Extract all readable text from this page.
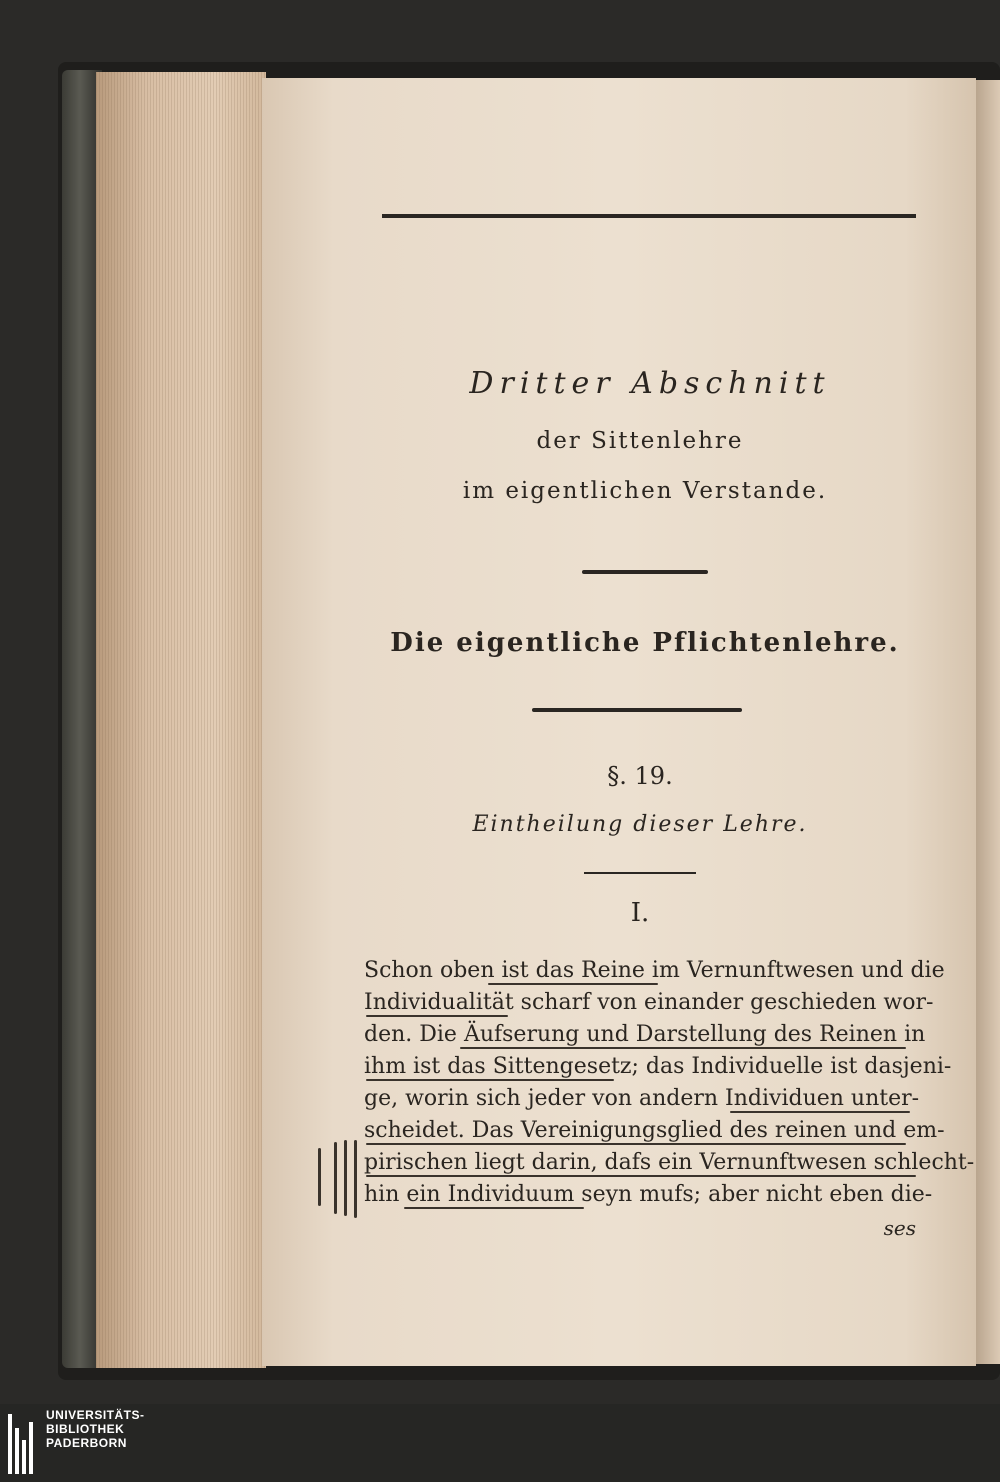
Dritter Abschnitt
der Sittenlehre
im eigentlichen Verstande.
Die eigentliche Pflichtenlehre.
§. 19.
Eintheilung dieser Lehre.
I.
Schon oben ist das Reine im Vernunftwesen und die
Individualität scharf von einander geschieden wor-
den. Die Äufserung und Darstellung des Reinen in
ihm ist das Sittengesetz; das Individuelle ist dasjeni-
ge, worin sich jeder von andern Individuen unter-
scheidet. Das Vereinigungsglied des reinen und em-
pirischen liegt darin, dafs ein Vernunftwesen schlecht-
hin ein Individuum seyn mufs; aber nicht eben die-
ses
UNIVERSITÄTS-
BIBLIOTHEK
PADERBORN
